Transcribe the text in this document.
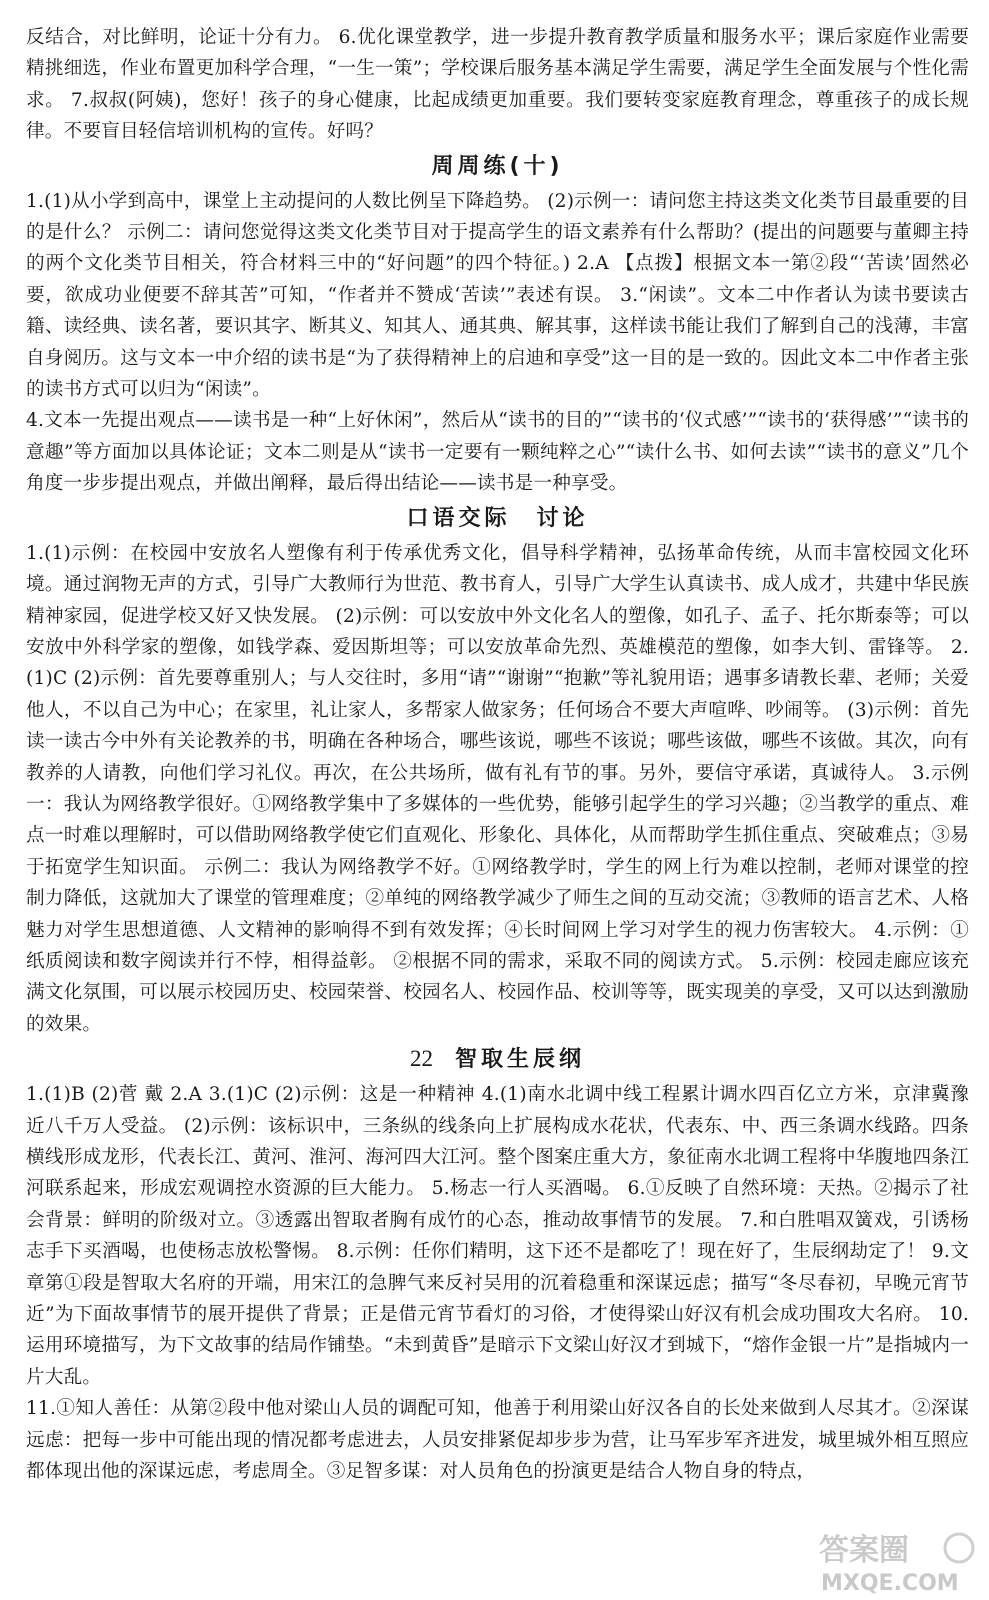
反结合，对比鲜明，论证十分有力。 6.优化课堂教学，进一步提升教育教学质量和服务水平；课后家庭作业需要精挑细选，作业布置更加科学合理，“一生一策”；学校课后服务基本满足学生需要，满足学生全面发展与个性化需求。 7.叔叔(阿姨)，您好！孩子的身心健康，比起成绩更加重要。我们要转变家庭教育理念，尊重孩子的成长规律。不要盲目轻信培训机构的宣传。好吗？

周周练(十)

1.(1)从小学到高中，课堂上主动提问的人数比例呈下降趋势。 (2)示例一：请问您主持这类文化类节目最重要的目的是什么？ 示例二：请问您觉得这类文化类节目对于提高学生的语文素养有什么帮助？(提出的问题要与董卿主持的两个文化类节目相关，符合材料三中的“好问题”的四个特征。) 2.A 【点拨】根据文本一第②段“‘苦读’固然必要，欲成功业便要不辞其苦”可知，“作者并不赞成‘苦读’”表述有误。 3.“闲读”。文本二中作者认为读书要读古籍、读经典、读名著，要识其字、断其义、知其人、通其典、解其事，这样读书能让我们了解到自己的浅薄，丰富自身阅历。这与文本一中介绍的读书是“为了获得精神上的启迪和享受”这一目的是一致的。因此文本二中作者主张的读书方式可以归为“闲读”。

4.文本一先提出观点——读书是一种“上好休闲”，然后从“读书的目的”“读书的‘仪式感’”“读书的‘获得感’”“读书的意趣”等方面加以具体论证；文本二则是从“读书一定要有一颗纯粹之心”“读什么书、如何去读”“读书的意义”几个角度一步步提出观点，并做出阐释，最后得出结论——读书是一种享受。

口语交际　讨论

1.(1)示例：在校园中安放名人塑像有利于传承优秀文化，倡导科学精神，弘扬革命传统，从而丰富校园文化环境。通过润物无声的方式，引导广大教师行为世范、教书育人，引导广大学生认真读书、成人成才，共建中华民族精神家园，促进学校又好又快发展。 (2)示例：可以安放中外文化名人的塑像，如孔子、孟子、托尔斯泰等；可以安放中外科学家的塑像，如钱学森、爱因斯坦等；可以安放革命先烈、英雄模范的塑像，如李大钊、雷锋等。 2.(1)C (2)示例：首先要尊重别人；与人交往时，多用“请”“谢谢”“抱歉”等礼貌用语；遇事多请教长辈、老师；关爱他人，不以自己为中心；在家里，礼让家人，多帮家人做家务；任何场合不要大声喧哗、吵闹等。 (3)示例：首先读一读古今中外有关论教养的书，明确在各种场合，哪些该说，哪些不该说；哪些该做，哪些不该做。其次，向有教养的人请教，向他们学习礼仪。再次，在公共场所，做有礼有节的事。另外，要信守承诺，真诚待人。 3.示例一：我认为网络教学很好。①网络教学集中了多媒体的一些优势，能够引起学生的学习兴趣；②当教学的重点、难点一时难以理解时，可以借助网络教学使它们直观化、形象化、具体化，从而帮助学生抓住重点、突破难点；③易于拓宽学生知识面。 示例二：我认为网络教学不好。①网络教学时，学生的网上行为难以控制，老师对课堂的控制力降低，这就加大了课堂的管理难度；②单纯的网络教学减少了师生之间的互动交流；③教师的语言艺术、人格魅力对学生思想道德、人文精神的影响得不到有效发挥；④长时间网上学习对学生的视力伤害较大。 4.示例：①纸质阅读和数字阅读并行不悖，相得益彰。 ②根据不同的需求，采取不同的阅读方式。 5.示例：校园走廊应该充满文化氛围，可以展示校园历史、校园荣誉、校园名人、校园作品、校训等等，既实现美的享受，又可以达到激励的效果。

22 智取生辰纲

1.(1)B (2)菅 戴 2.A 3.(1)C (2)示例：这是一种精神 4.(1)南水北调中线工程累计调水四百亿立方米，京津冀豫近八千万人受益。 (2)示例：该标识中，三条纵的线条向上扩展构成水花状，代表东、中、西三条调水线路。四条横线形成龙形，代表长江、黄河、淮河、海河四大江河。整个图案庄重大方，象征南水北调工程将中华腹地四条江河联系起来，形成宏观调控水资源的巨大能力。 5.杨志一行人买酒喝。 6.①反映了自然环境：天热。②揭示了社会背景：鲜明的阶级对立。③透露出智取者胸有成竹的心态，推动故事情节的发展。 7.和白胜唱双簧戏，引诱杨志手下买酒喝，也使杨志放松警惕。 8.示例：任你们精明，这下还不是都吃了！现在好了，生辰纲劫定了！ 9.文章第①段是智取大名府的开端，用宋江的急脾气来反衬吴用的沉着稳重和深谋远虑；描写“冬尽春初，早晚元宵节近”为下面故事情节的展开提供了背景；正是借元宵节看灯的习俗，才使得梁山好汉有机会成功围攻大名府。 10.运用环境描写，为下文故事的结局作铺垫。“未到黄昏”是暗示下文梁山好汉才到城下，“熔作金银一片”是指城内一片大乱。

11.①知人善任：从第②段中他对梁山人员的调配可知，他善于利用梁山好汉各自的长处来做到人尽其才。②深谋远虑：把每一步中可能出现的情况都考虑进去，人员安排紧促却步步为营，让马军步军齐进发，城里城外相互照应都体现出他的深谋远虑，考虑周全。③足智多谋：对人员角色的扮演更是结合人物自身的特点，

答案圈
MXQE.COM
